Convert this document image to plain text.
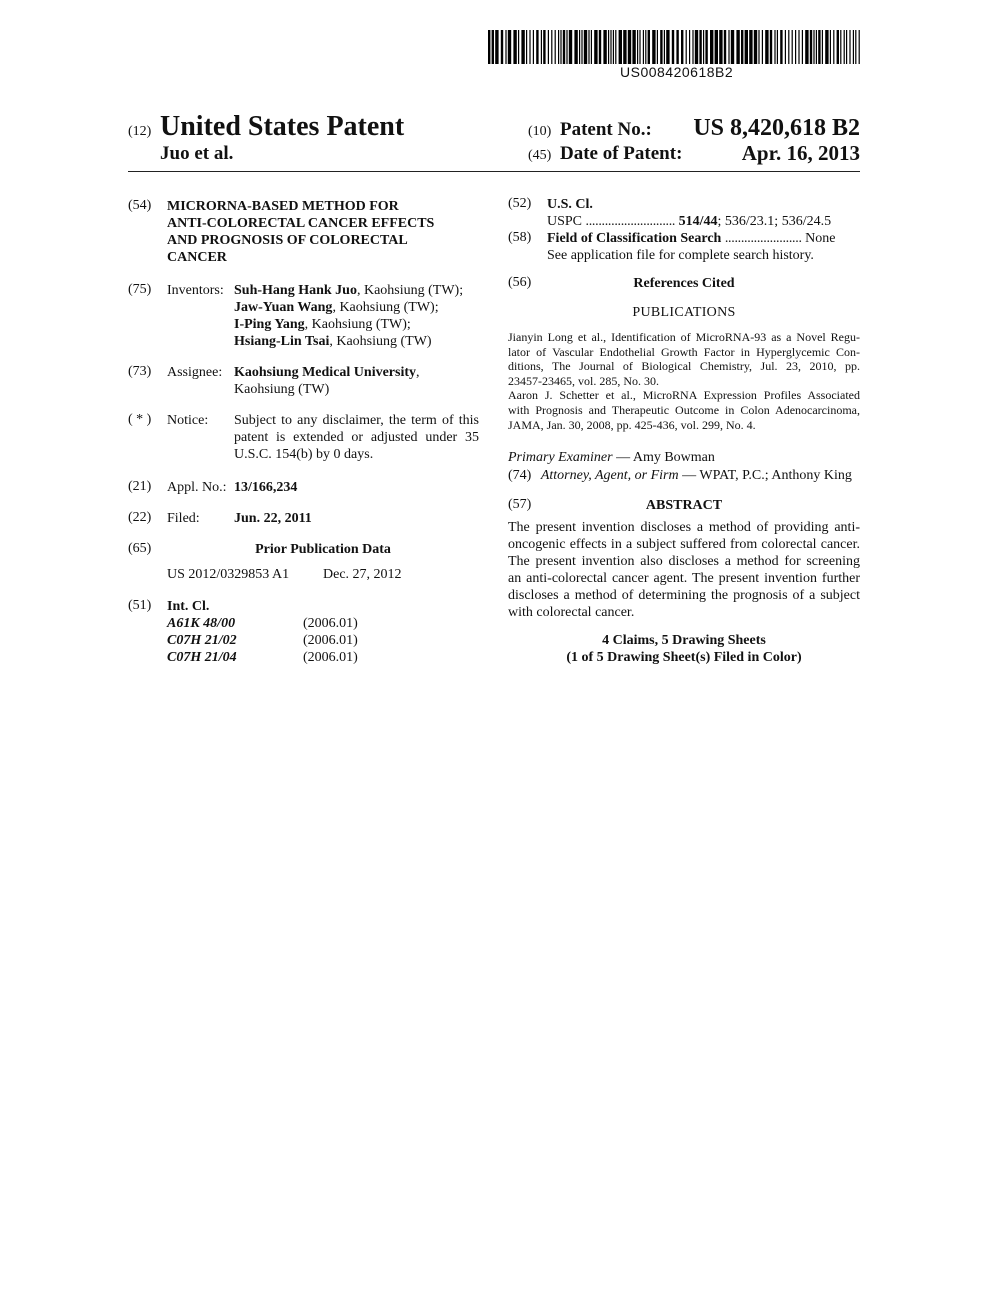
US008420618B2
(12) United States Patent
Juo et al.
(10) Patent No.:	US 8,420,618 B2
(45) Date of Patent:	Apr. 16, 2013
(54) MICRORNA-BASED METHOD FOR
ANTI-COLORECTAL CANCER EFFECTS
AND PROGNOSIS OF COLORECTAL
CANCER
(75) Inventors: Suh-Hang Hank Juo, Kaohsiung (TW);
Jaw-Yuan Wang, Kaohsiung (TW);
I-Ping Yang, Kaohsiung (TW);
Hsiang-Lin Tsai, Kaohsiung (TW)
(73) Assignee: Kaohsiung Medical University,
Kaohsiung (TW)
( * ) Notice: Subject to any disclaimer, the term of this patent is extended or adjusted under 35 U.S.C. 154(b) by 0 days.
(21) Appl. No.: 13/166,234
(22) Filed: Jun. 22, 2011
(65)	Prior Publication Data
US 2012/0329853 A1 Dec. 27, 2012
(51) Int. Cl.
A61K 48/00	(2006.01)
C07H 21/02	(2006.01)
C07H 21/04	(2006.01)
(52) U.S. Cl.
USPC ............................ 514/44; 536/23.1; 536/24.5
(58) Field of Classification Search ........................ None
See application file for complete search history.
(56)	References Cited
PUBLICATIONS
Jianyin Long et al., Identification of MicroRNA-93 as a Novel Regu-
lator of Vascular Endothelial Growth Factor in Hyperglycemic Con-
ditions, The Journal of Biological Chemistry, Jul. 23, 2010, pp.
23457-23465, vol. 285, No. 30.
Aaron J. Schetter et al., MicroRNA Expression Profiles Associated
with Prognosis and Therapeutic Outcome in Colon Adenocarcinoma,
JAMA, Jan. 30, 2008, pp. 425-436, vol. 299, No. 4.
Primary Examiner — Amy Bowman
(74) Attorney, Agent, or Firm — WPAT, P.C.; Anthony King
(57)	ABSTRACT
The present invention discloses a method of providing anti-
oncogenic effects in a subject suffered from colorectal cancer.
The present invention also discloses a method for screening
an anti-colorectal cancer agent. The present invention further
discloses a method of determining the prognosis of a subject
with colorectal cancer.
4 Claims, 5 Drawing Sheets
(1 of 5 Drawing Sheet(s) Filed in Color)
